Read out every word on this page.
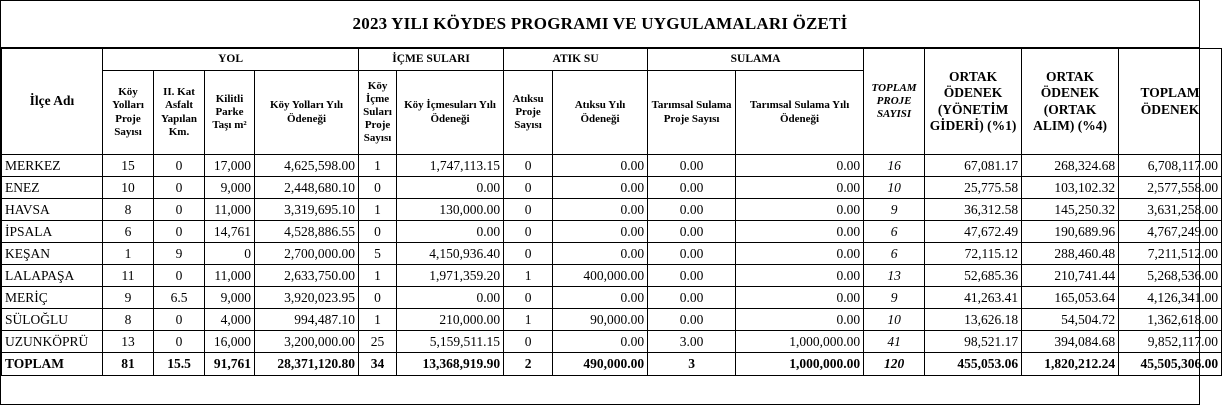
2023 YILI KÖYDES PROGRAMI VE UYGULAMALARI ÖZETİ
İlçe Adı	YOL				İÇME SULARI		ATIK SU		SULAMA		TOPLAM PROJE SAYISI	ORTAK ÖDENEK (YÖNETİM GİDERİ) (%1)	ORTAK ÖDENEK (ORTAK ALIM) (%4)	TOPLAM ÖDENEK
	Köy Yolları Proje Sayısı	II. Kat Asfalt Yapılan Km.	Kilitli Parke Taşı m²	Köy Yolları Yılı Ödeneği	Köy İçme Suları Proje Sayısı	Köy İçmesuları Yılı Ödeneği	Atıksu Proje Sayısı	Atıksu Yılı Ödeneği	Tarımsal Sulama Proje Sayısı	Tarımsal Sulama Yılı Ödeneği				
MERKEZ	15	0	17,000	4,625,598.00	1	1,747,113.15	0	0.00	0.00	0.00	16	67,081.17	268,324.68	6,708,117.00
ENEZ	10	0	9,000	2,448,680.10	0	0.00	0	0.00	0.00	0.00	10	25,775.58	103,102.32	2,577,558.00
HAVSA	8	0	11,000	3,319,695.10	1	130,000.00	0	0.00	0.00	0.00	9	36,312.58	145,250.32	3,631,258.00
İPSALA	6	0	14,761	4,528,886.55	0	0.00	0	0.00	0.00	0.00	6	47,672.49	190,689.96	4,767,249.00
KEŞAN	1	9	0	2,700,000.00	5	4,150,936.40	0	0.00	0.00	0.00	6	72,115.12	288,460.48	7,211,512.00
LALAPAŞA	11	0	11,000	2,633,750.00	1	1,971,359.20	1	400,000.00	0.00	0.00	13	52,685.36	210,741.44	5,268,536.00
MERİÇ	9	6.5	9,000	3,920,023.95	0	0.00	0	0.00	0.00	0.00	9	41,263.41	165,053.64	4,126,341.00
SÜLOĞLU	8	0	4,000	994,487.10	1	210,000.00	1	90,000.00	0.00	0.00	10	13,626.18	54,504.72	1,362,618.00
UZUNKÖPRÜ	13	0	16,000	3,200,000.00	25	5,159,511.15	0	0.00	3.00	1,000,000.00	41	98,521.17	394,084.68	9,852,117.00
TOPLAM	81	15.5	91,761	28,371,120.80	34	13,368,919.90	2	490,000.00	3	1,000,000.00	120	455,053.06	1,820,212.24	45,505,306.00
